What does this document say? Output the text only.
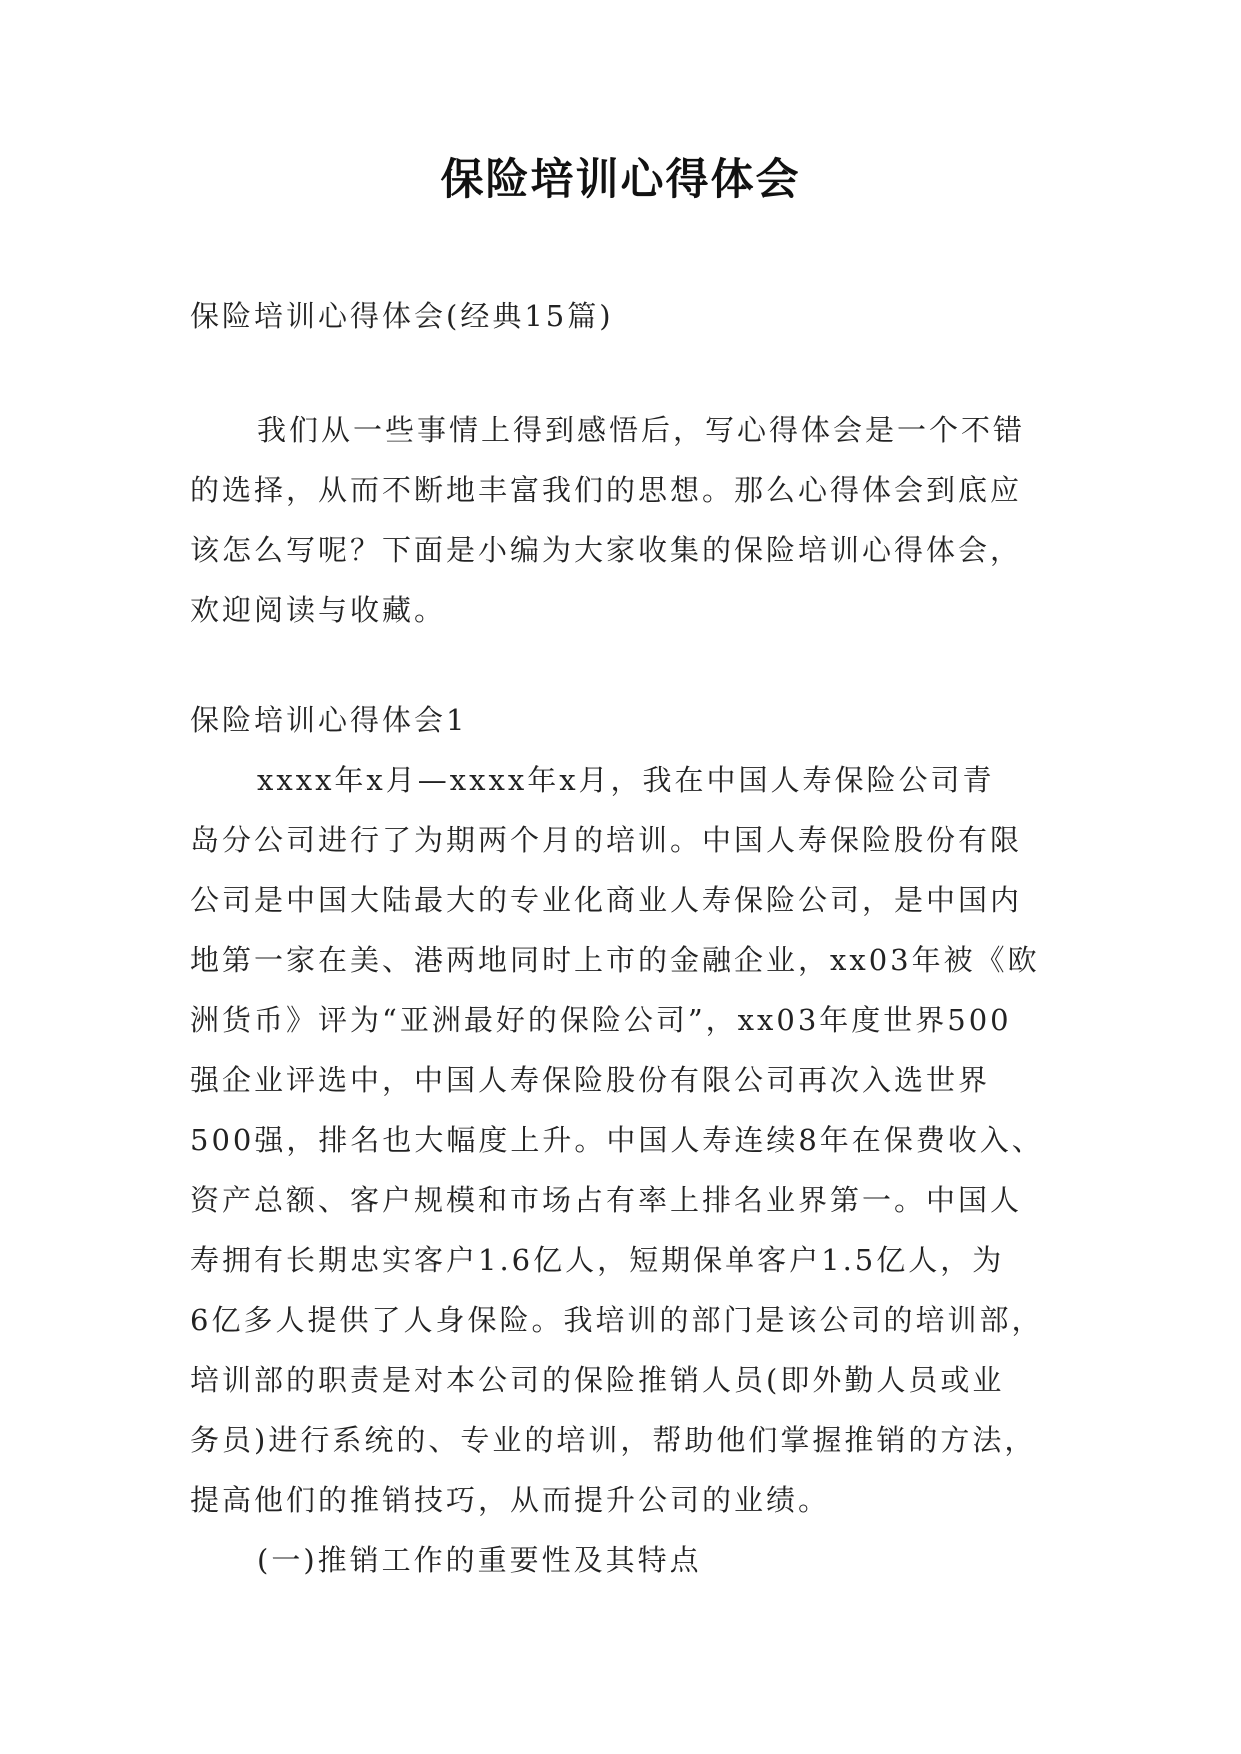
保险培训心得体会
保险培训心得体会(经典15篇)
我们从一些事情上得到感悟后，写心得体会是一个不错
的选择，从而不断地丰富我们的思想。那么心得体会到底应
该怎么写呢？下面是小编为大家收集的保险培训心得体会，
欢迎阅读与收藏。
保险培训心得体会1
xxxx年x月—xxxx年x月，我在中国人寿保险公司青
岛分公司进行了为期两个月的培训。中国人寿保险股份有限
公司是中国大陆最大的专业化商业人寿保险公司，是中国内
地第一家在美、港两地同时上市的金融企业，xx03年被《欧
洲货币》评为“亚洲最好的保险公司”，xx03年度世界500
强企业评选中，中国人寿保险股份有限公司再次入选世界
500强，排名也大幅度上升。中国人寿连续8年在保费收入、
资产总额、客户规模和市场占有率上排名业界第一。中国人
寿拥有长期忠实客户1.6亿人，短期保单客户1.5亿人，为
6亿多人提供了人身保险。我培训的部门是该公司的培训部，
培训部的职责是对本公司的保险推销人员(即外勤人员或业
务员)进行系统的、专业的培训，帮助他们掌握推销的方法，
提高他们的推销技巧，从而提升公司的业绩。
(一)推销工作的重要性及其特点
